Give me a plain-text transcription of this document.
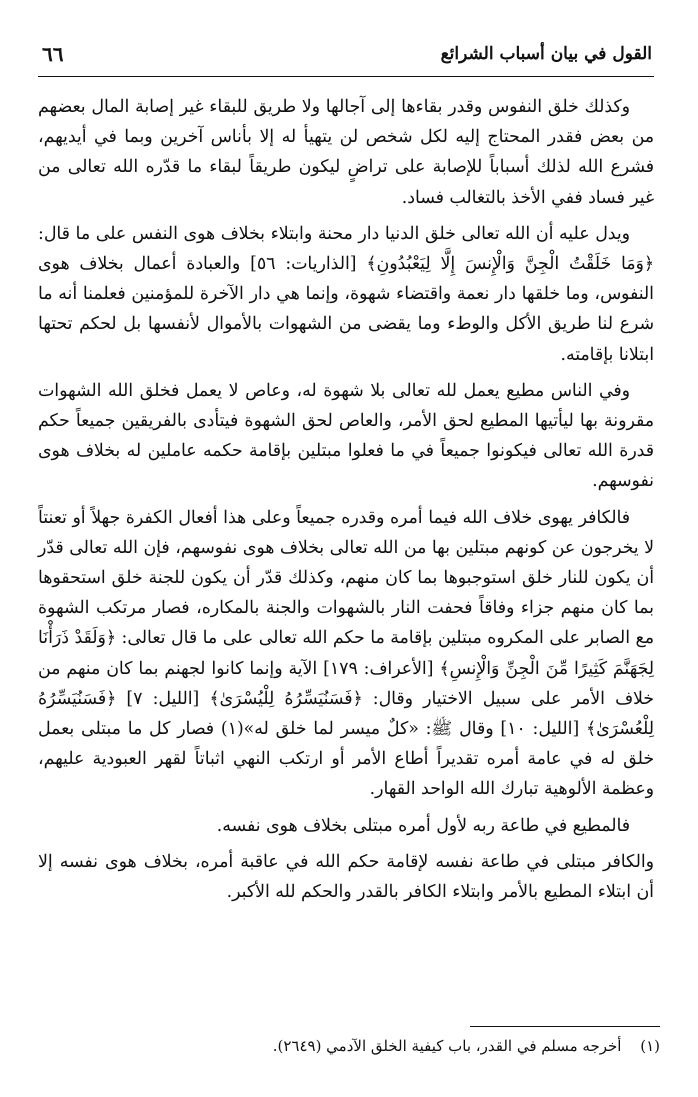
القول في بيان أسباب الشرائع
٦٦

وكذلك خلق النفوس وقدر بقاءها إلى آجالها ولا طريق للبقاء غير إصابة المال بعضهم من بعض فقدر المحتاج إليه لكل شخص لن يتهيأ له إلا بأناس آخرين وبما في أيديهم، فشرع الله لذلك أسباباً للإصابة على تراضٍ ليكون طريقاً لبقاء ما قدّره الله تعالى من غير فساد ففي الأخذ بالتغالب فساد.

ويدل عليه أن الله تعالى خلق الدنيا دار محنة وابتلاء بخلاف هوى النفس على ما قال: ﴿وَمَا خَلَقْتُ الْجِنَّ وَالْإِنسَ إِلَّا لِيَعْبُدُونِ﴾ [الذاريات: ٥٦] والعبادة أعمال بخلاف هوى النفوس، وما خلقها دار نعمة واقتضاء شهوة، وإنما هي دار الآخرة للمؤمنين فعلمنا أنه ما شرع لنا طريق الأكل والوطء وما يقضى من الشهوات بالأموال لأنفسها بل لحكم تحتها ابتلانا بإقامته.

وفي الناس مطيع يعمل لله تعالى بلا شهوة له، وعاص لا يعمل فخلق الله الشهوات مقرونة بها ليأتيها المطيع لحق الأمر، والعاص لحق الشهوة فيتأدى بالفريقين جميعاً حكم قدرة الله تعالى فيكونوا جميعاً في ما فعلوا مبتلين بإقامة حكمه عاملين له بخلاف هوى نفوسهم.

فالكافر يهوى خلاف الله فيما أمره وقدره جميعاً وعلى هذا أفعال الكفرة جهلاً أو تعنتاً لا يخرجون عن كونهم مبتلين بها من الله تعالى بخلاف هوى نفوسهم، فإن الله تعالى قدّر أن يكون للنار خلق استوجبوها بما كان منهم، وكذلك قدّر أن يكون للجنة خلق استحقوها بما كان منهم جزاء وفاقاً فحفت النار بالشهوات والجنة بالمكاره، فصار مرتكب الشهوة مع الصابر على المكروه مبتلين بإقامة ما حكم الله تعالى على ما قال تعالى: ﴿وَلَقَدْ ذَرَأْنَا لِجَهَنَّمَ كَثِيرًا مِّنَ الْجِنِّ وَالْإِنسِ﴾ [الأعراف: ١٧٩] الآية وإنما كانوا لجهنم بما كان منهم من خلاف الأمر على سبيل الاختيار وقال: ﴿فَسَنُيَسِّرُهُ لِلْيُسْرَىٰ﴾ [الليل: ٧] ﴿فَسَنُيَسِّرُهُ لِلْعُسْرَىٰ﴾ [الليل: ١٠] وقال ﷺ: «كلٌ ميسر لما خلق له»(١) فصار كل ما مبتلى بعمل خلق له في عامة أمره تقديراً أطاع الأمر أو ارتكب النهي اثباتاً لقهر العبودية عليهم، وعظمة الألوهية تبارك الله الواحد القهار.

فالمطيع في طاعة ربه لأول أمره مبتلى بخلاف هوى نفسه.

والكافر مبتلى في طاعة نفسه لإقامة حكم الله في عاقبة أمره، بخلاف هوى نفسه إلا أن ابتلاء المطيع بالأمر وابتلاء الكافر بالقدر والحكم لله الأكبر.

(١) أخرجه مسلم في القدر، باب كيفية الخلق الآدمي (٢٦٤٩).
